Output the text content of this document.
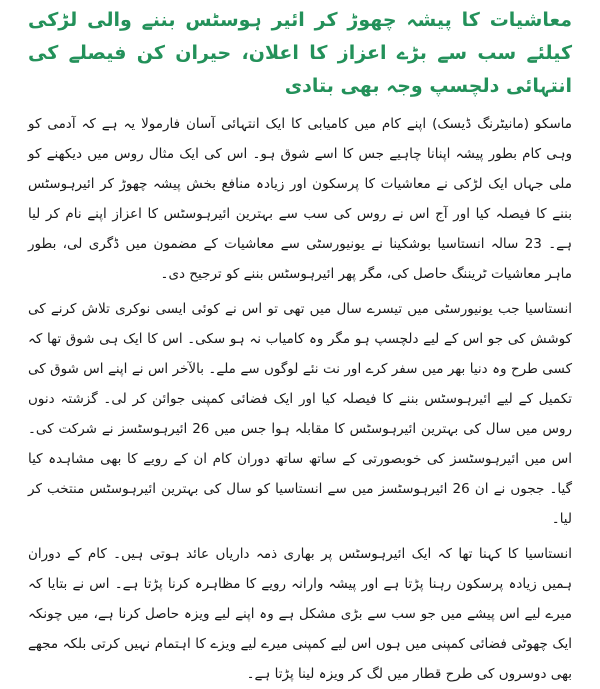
معاشیات کا پیشہ چھوڑ کر ائیر ہوسٹس بننے والی لڑکی کیلئے سب سے بڑے اعزاز کا اعلان، حیران کن فیصلے کی انتہائی دلچسپ وجہ بھی بتادی
ماسکو (مانیٹرنگ ڈیسک) اپنے کام میں کامیابی کا ایک انتہائی آسان فارمولا یہ ہے کہ آدمی کو وہی کام بطور پیشہ اپنانا چاہیے جس کا اسے شوق ہو۔ اس کی ایک مثال روس میں دیکھنے کو ملی جہاں ایک لڑکی نے معاشیات کا پرسکون اور زیادہ منافع بخش پیشہ چھوڑ کر ائیرہوسٹس بننے کا فیصلہ کیا اور آج اس نے روس کی سب سے بہترین ائیرہوسٹس کا اعزاز اپنے نام کر لیا ہے۔ 23 سالہ انستاسیا بوشکینا نے یونیورسٹی سے معاشیات کے مضمون میں ڈگری لی، بطور ماہر معاشیات ٹریننگ حاصل کی، مگر پھر ائیرہوسٹس بننے کو ترجیح دی۔
انستاسیا جب یونیورسٹی میں تیسرے سال میں تھی تو اس نے کوئی ایسی نوکری تلاش کرنے کی کوشش کی جو اس کے لیے دلچسپ ہو مگر وہ کامیاب نہ ہو سکی۔ اس کا ایک ہی شوق تھا کہ کسی طرح وہ دنیا بھر میں سفر کرے اور نت نئے لوگوں سے ملے۔ بالآخر اس نے اپنے اس شوق کی تکمیل کے لیے ائیرہوسٹس بننے کا فیصلہ کیا اور ایک فضائی کمپنی جوائن کر لی۔ گزشتہ دنوں روس میں سال کی بہترین ائیرہوسٹس کا مقابلہ ہوا جس میں 26 ائیرہوسٹسز نے شرکت کی۔ اس میں ائیرہوسٹسز کی خوبصورتی کے ساتھ ساتھ دوران کام ان کے رویے کا بھی مشاہدہ کیا گیا۔ ججوں نے ان 26 ائیرہوسٹسز میں سے انستاسیا کو سال کی بہترین ائیرہوسٹس منتخب کر لیا۔
انستاسیا کا کہنا تھا کہ ایک ائیرہوسٹس پر بھاری ذمہ داریاں عائد ہوتی ہیں۔ کام کے دوران ہمیں زیادہ پرسکون رہنا پڑتا ہے اور پیشہ وارانہ رویے کا مظاہرہ کرنا پڑتا ہے۔ اس نے بتایا کہ میرے لیے اس پیشے میں جو سب سے بڑی مشکل ہے وہ اپنے لیے ویزہ حاصل کرنا ہے، میں چونکہ ایک چھوٹی فضائی کمپنی میں ہوں اس لیے کمپنی میرے لیے ویزے کا اہتمام نہیں کرتی بلکہ مجھے بھی دوسروں کی طرح قطار میں لگ کر ویزہ لینا پڑتا ہے۔
